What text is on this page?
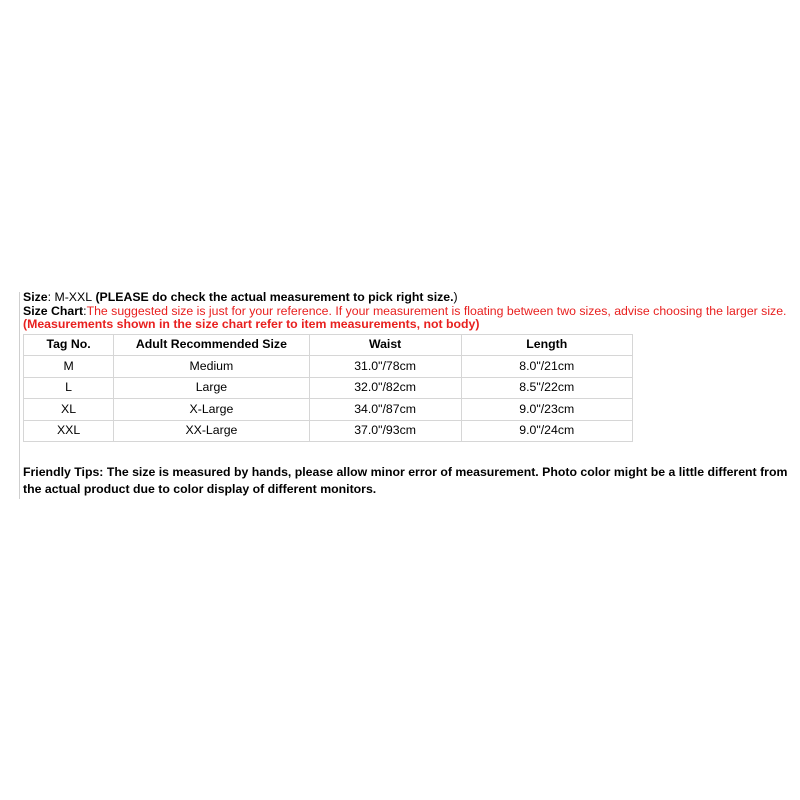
Size: M-XXL (PLEASE do check the actual measurement to pick right size.)
Size Chart:The suggested size is just for your reference. If your measurement is floating between two sizes, advise choosing the larger size. (Measurements shown in the size chart refer to item measurements, not body)
Tag No.	Adult Recommended Size	Waist	Length
M	Medium	31.0"/78cm	8.0"/21cm
L	Large	32.0"/82cm	8.5"/22cm
XL	X-Large	34.0"/87cm	9.0"/23cm
XXL	XX-Large	37.0"/93cm	9.0"/24cm
Friendly Tips: The size is measured by hands, please allow minor error of measurement. Photo color might be a little different from the actual product due to color display of different monitors.
